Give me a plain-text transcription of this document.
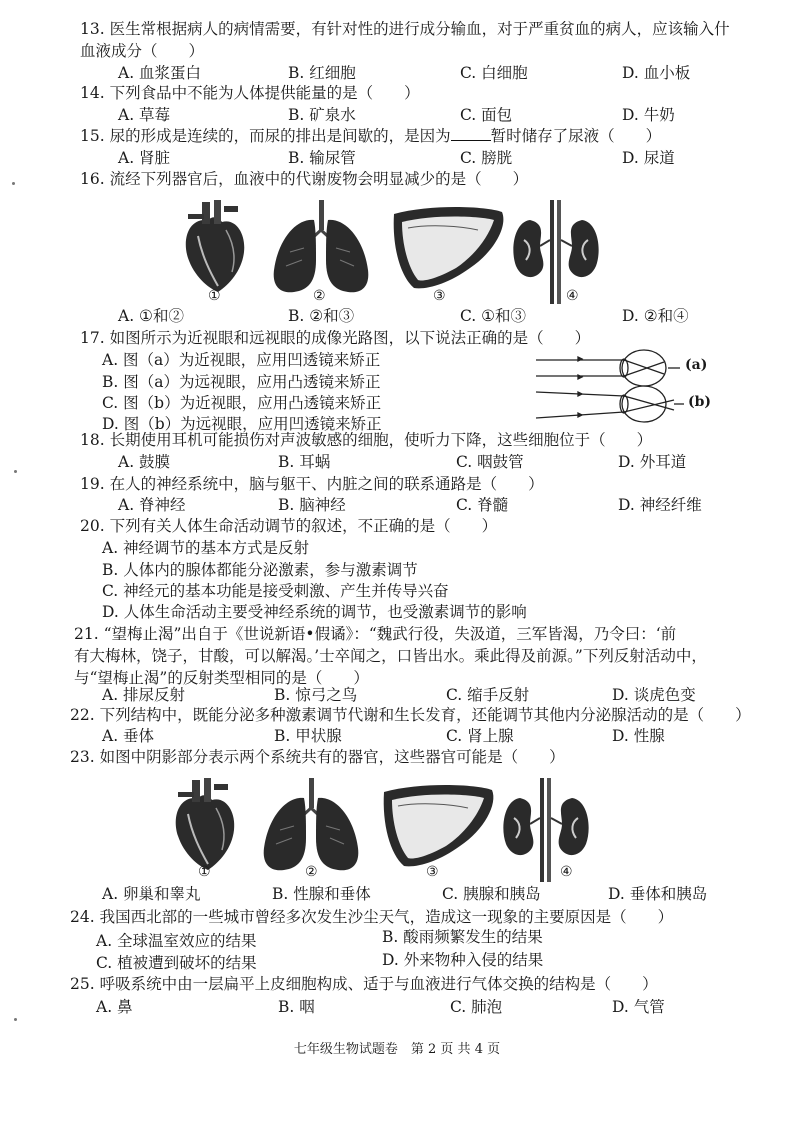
13. 医生常根据病人的病情需要，有针对性的进行成分输血，对于严重贫血的病人，应该输入什
血液成分（　　）
A. 血浆蛋白	B. 红细胞	C. 白细胞	D. 血小板
14. 下列食品中不能为人体提供能量的是（　　）
A. 草莓	B. 矿泉水	C. 面包	D. 牛奶
15. 尿的形成是连续的，而尿的排出是间歇的，是因为	暂时储存了尿液（　　）
A. 肾脏	B. 输尿管	C. 膀胱	D. 尿道
16. 流经下列器官后，血液中的代谢废物会明显减少的是（　　）
①	②	③	④
A. ①和②	B. ②和③	C. ①和③	D. ②和④
17. 如图所示为近视眼和远视眼的成像光路图，以下说法正确的是（　　）
A. 图（a）为近视眼，应用凹透镜来矫正
B. 图（a）为远视眼，应用凸透镜来矫正
C. 图（b）为近视眼，应用凸透镜来矫正
D. 图（b）为远视眼，应用凹透镜来矫正
(a)
(b)
18. 长期使用耳机可能损伤对声波敏感的细胞，使听力下降，这些细胞位于（　　）
A. 鼓膜	B. 耳蜗	C. 咽鼓管	D. 外耳道
19. 在人的神经系统中，脑与躯干、内脏之间的联系通路是（　　）
A. 脊神经	B. 脑神经	C. 脊髓	D. 神经纤维
20. 下列有关人体生命活动调节的叙述，不正确的是（　　）
A. 神经调节的基本方式是反射
B. 人体内的腺体都能分泌激素，参与激素调节
C. 神经元的基本功能是接受刺激、产生并传导兴奋
D. 人体生命活动主要受神经系统的调节，也受激素调节的影响
21. “望梅止渴”出自于《世说新语•假谲》：“魏武行役，失汲道，三军皆渴，乃令曰：‘前
有大梅林，饶子，甘酸，可以解渴。’士卒闻之，口皆出水。乘此得及前源。”下列反射活动中，
与“望梅止渴”的反射类型相同的是（　　）
A. 排尿反射	B. 惊弓之鸟	C. 缩手反射	D. 谈虎色变
22. 下列结构中，既能分泌多种激素调节代谢和生长发育，还能调节其他内分泌腺活动的是（　　）
A. 垂体	B. 甲状腺	C. 肾上腺	D. 性腺
23. 如图中阴影部分表示两个系统共有的器官，这些器官可能是（　　）
①	②	③	④
A. 卵巢和睾丸	B. 性腺和垂体	C. 胰腺和胰岛	D. 垂体和胰岛
24. 我国西北部的一些城市曾经多次发生沙尘天气，造成这一现象的主要原因是（　　）
A. 全球温室效应的结果	B. 酸雨频繁发生的结果
C. 植被遭到破坏的结果	D. 外来物种入侵的结果
25. 呼吸系统中由一层扁平上皮细胞构成、适于与血液进行气体交换的结构是（　　）
A. 鼻	B. 咽	C. 肺泡	D. 气管
七年级生物试题卷　第 2 页 共 4 页
